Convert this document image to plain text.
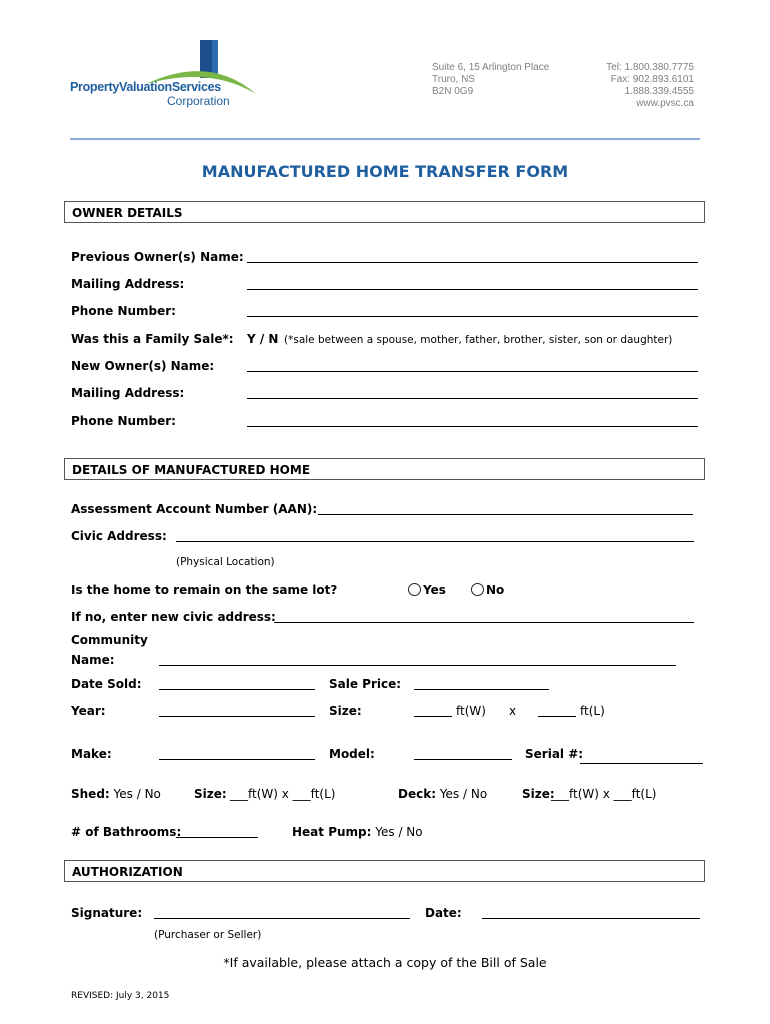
PropertyValuationServices
Corporation
Suite 6, 15 Arlington Place
Truro, NS
B2N 0G9
Tel: 1.800.380.7775
Fax: 902.893.6101
1.888.339.4555
www.pvsc.ca
MANUFACTURED HOME TRANSFER FORM
OWNER DETAILS
Previous Owner(s) Name:
Mailing Address:
Phone Number:
Was this a Family Sale*: Y / N (*sale between a spouse, mother, father, brother, sister, son or daughter)
New Owner(s) Name:
Mailing Address:
Phone Number:
DETAILS OF MANUFACTURED HOME
Assessment Account Number (AAN):
Civic Address:
(Physical Location)
Is the home to remain on the same lot?	Yes	No
If no, enter new civic address:
Community
Name:
Date Sold:	Sale Price:
Year:	Size:	ft(W) x	ft(L)
Make:	Model:	Serial #:
Shed: Yes / No	Size: ___ft(W) x ___ft(L)	Deck: Yes / No	Size:
___ft(W) x ___ft(L)
# of Bathrooms:	Heat Pump: Yes / No
AUTHORIZATION
Signature:	Date:
(Purchaser or Seller)
*If available, please attach a copy of the Bill of Sale
REVISED: July 3, 2015
